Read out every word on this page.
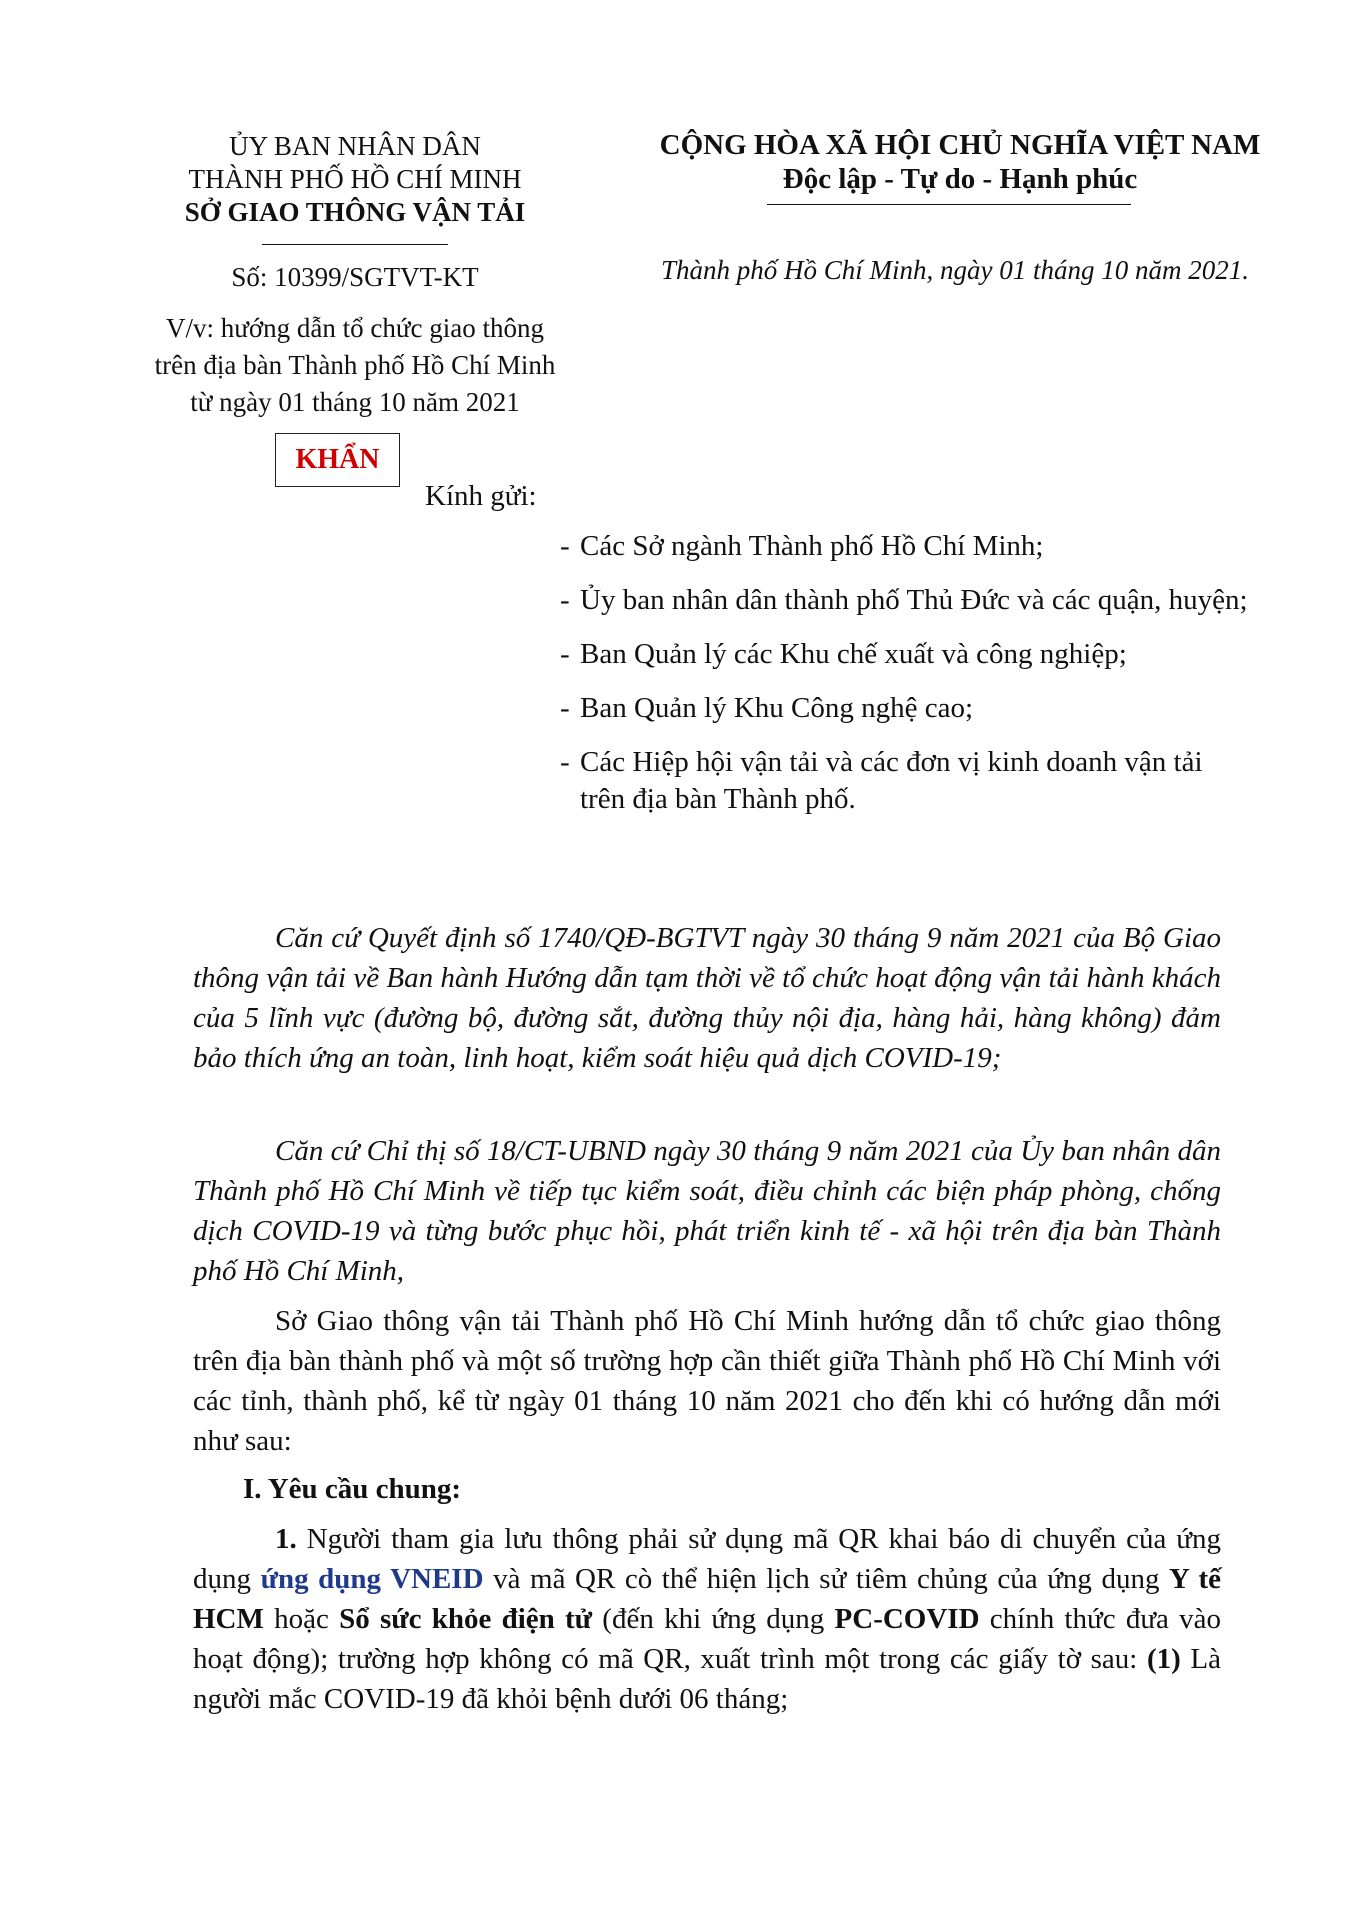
ỦY BAN NHÂN DÂN
THÀNH PHỐ HỒ CHÍ MINH
SỞ GIAO THÔNG VẬN TẢI
CỘNG HÒA XÃ HỘI CHỦ NGHĨA VIỆT NAM
Độc lập - Tự do - Hạnh phúc
Số: 10399/SGTVT-KT	Thành phố Hồ Chí Minh, ngày 01 tháng 10 năm 2021.
V/v: hướng dẫn tổ chức giao thông
trên địa bàn Thành phố Hồ Chí Minh
từ ngày 01 tháng 10 năm 2021
KHẨN
Kính gửi:
- Các Sở ngành Thành phố Hồ Chí Minh;
- Ủy ban nhân dân thành phố Thủ Đức và các quận, huyện;
- Ban Quản lý các Khu chế xuất và công nghiệp;
- Ban Quản lý Khu Công nghệ cao;
- Các Hiệp hội vận tải và các đơn vị kinh doanh vận tải trên địa bàn Thành phố.

Căn cứ Quyết định số 1740/QĐ-BGTVT ngày 30 tháng 9 năm 2021 của Bộ Giao thông vận tải về Ban hành Hướng dẫn tạm thời về tổ chức hoạt động vận tải hành khách của 5 lĩnh vực (đường bộ, đường sắt, đường thủy nội địa, hàng hải, hàng không) đảm bảo thích ứng an toàn, linh hoạt, kiểm soát hiệu quả dịch COVID-19;

Căn cứ Chỉ thị số 18/CT-UBND ngày 30 tháng 9 năm 2021 của Ủy ban nhân dân Thành phố Hồ Chí Minh về tiếp tục kiểm soát, điều chỉnh các biện pháp phòng, chống dịch COVID-19 và từng bước phục hồi, phát triển kinh tế - xã hội trên địa bàn Thành phố Hồ Chí Minh,

Sở Giao thông vận tải Thành phố Hồ Chí Minh hướng dẫn tổ chức giao thông trên địa bàn thành phố và một số trường hợp cần thiết giữa Thành phố Hồ Chí Minh với các tỉnh, thành phố, kể từ ngày 01 tháng 10 năm 2021 cho đến khi có hướng dẫn mới như sau:

I. Yêu cầu chung:

1. Người tham gia lưu thông phải sử dụng mã QR khai báo di chuyển của ứng dụng ứng dụng VNEID và mã QR cò thể hiện lịch sử tiêm chủng của ứng dụng Y tế HCM hoặc Sổ sức khỏe điện tử (đến khi ứng dụng PC-COVID chính thức đưa vào hoạt động); trường hợp không có mã QR, xuất trình một trong các giấy tờ sau: (1) Là người mắc COVID-19 đã khỏi bệnh dưới 06 tháng;
